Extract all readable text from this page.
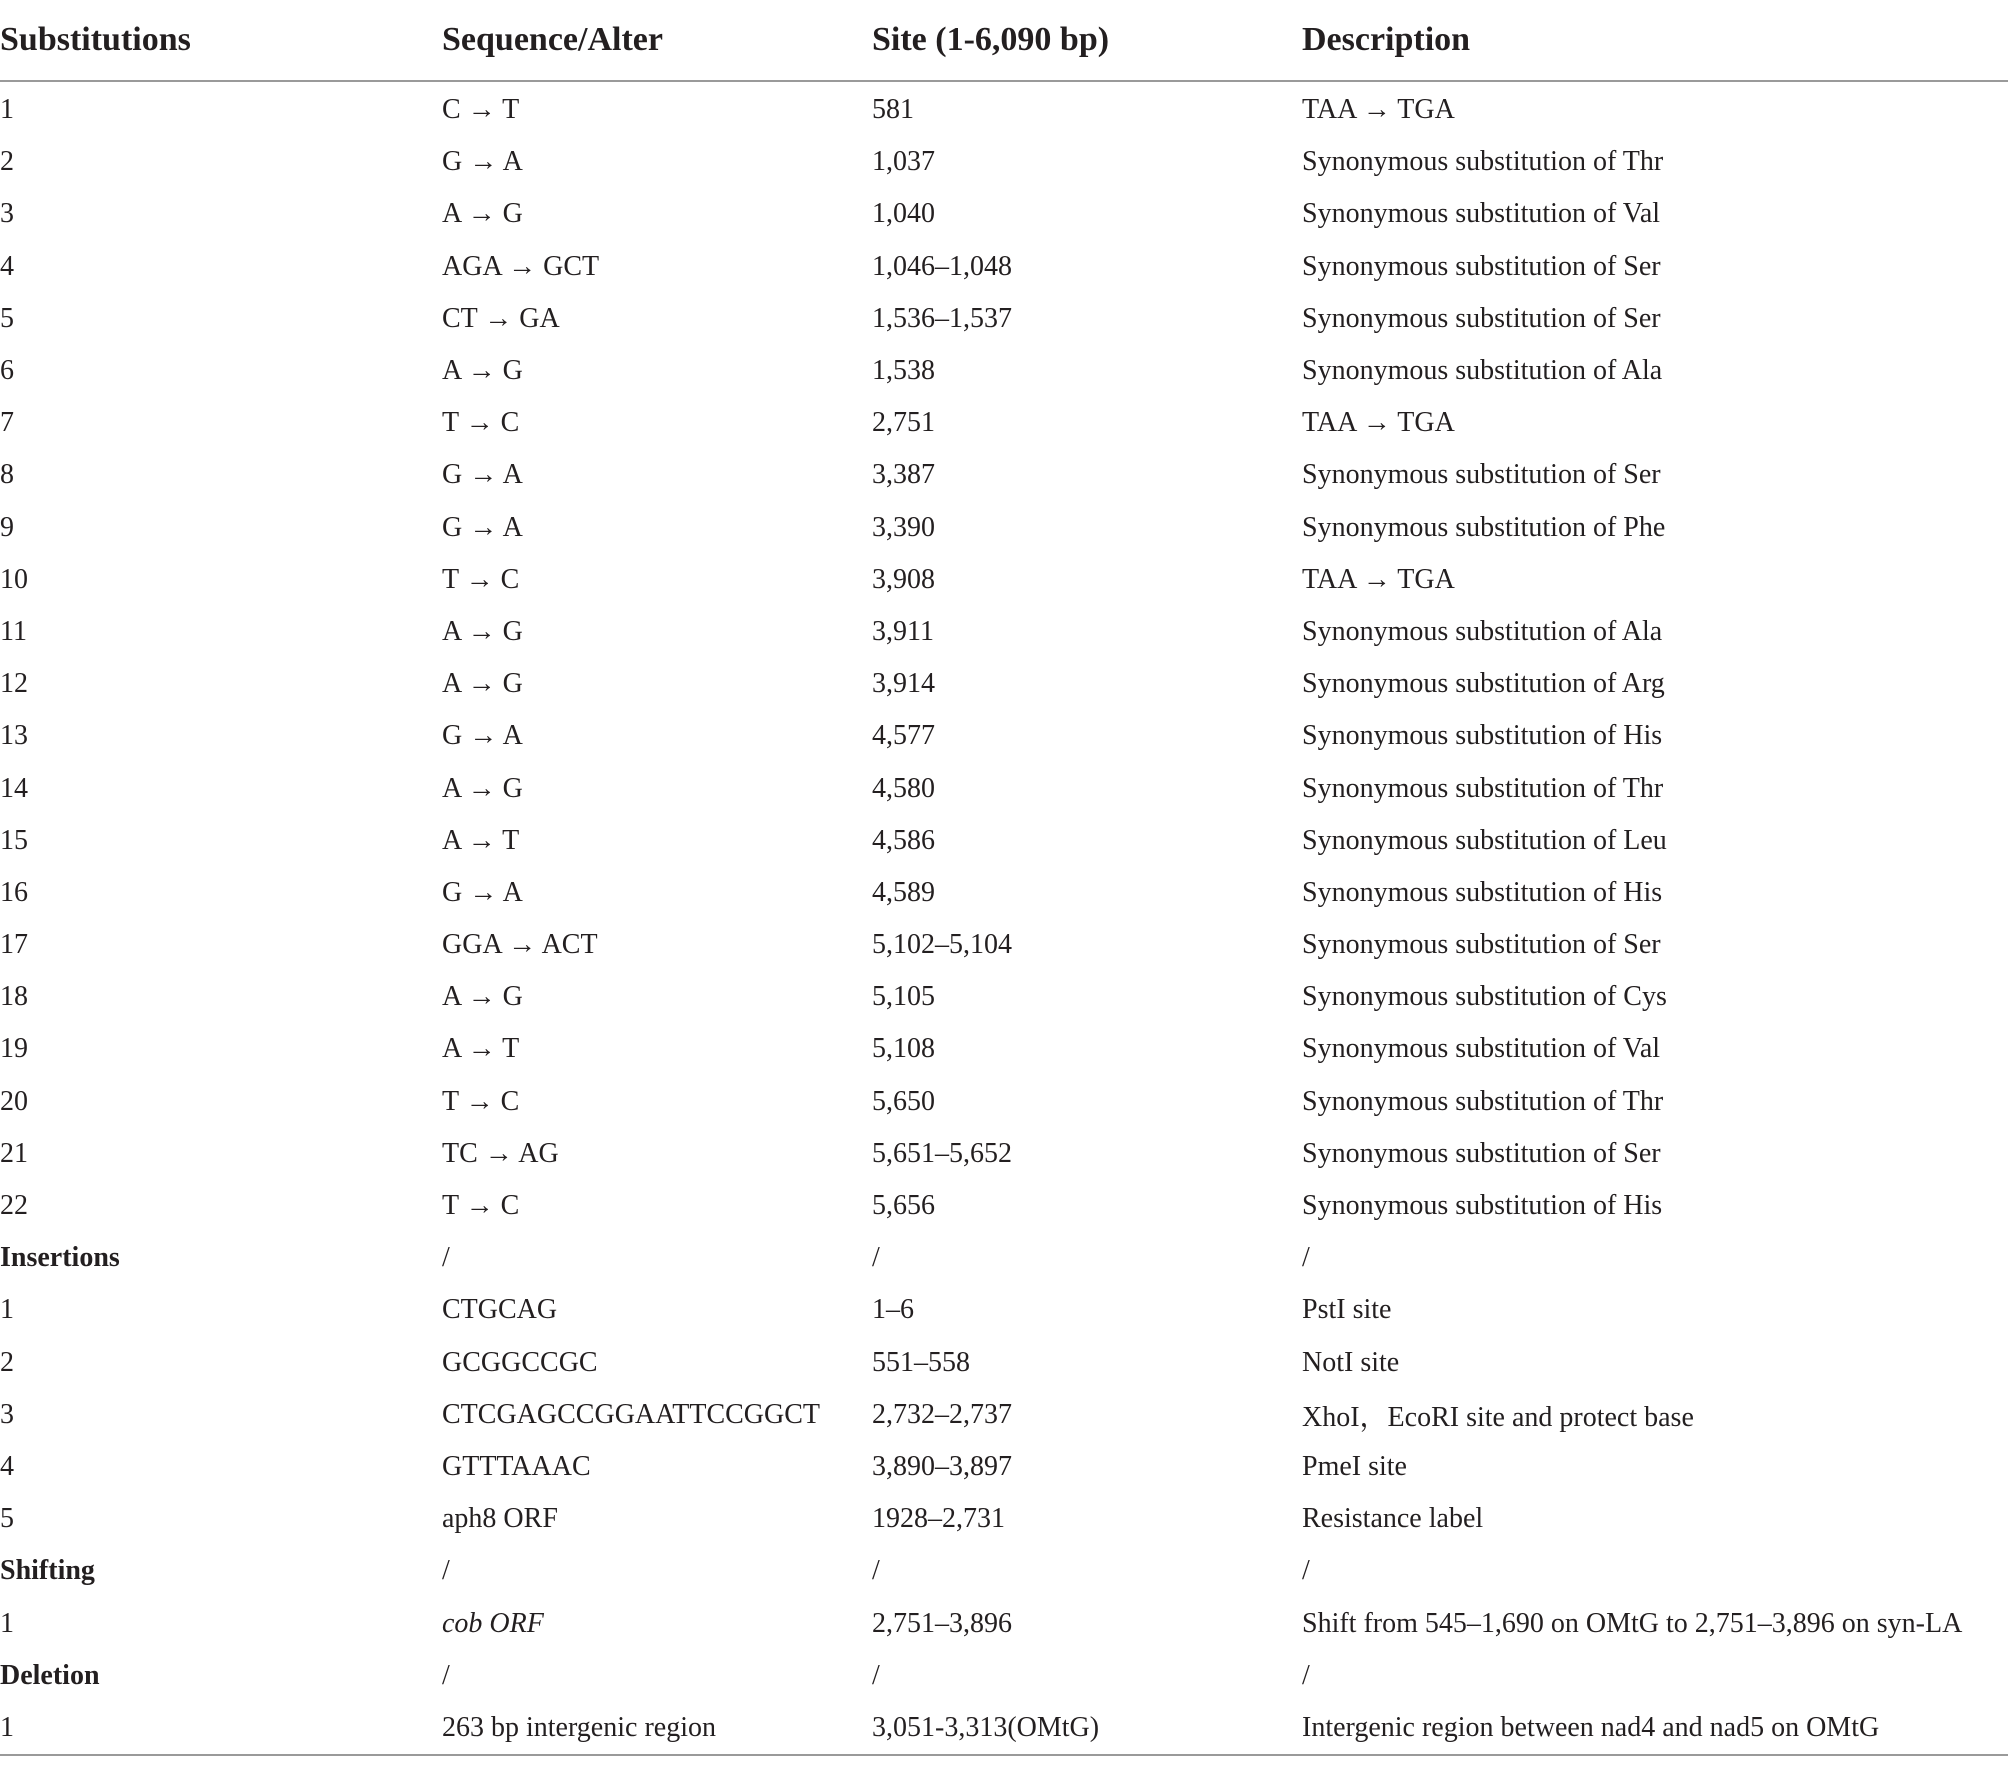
Substitutions	Sequence/Alter	Site (1-6,090 bp)	Description
1	C → T	581	TAA → TGA
2	G → A	1,037	Synonymous substitution of Thr
3	A → G	1,040	Synonymous substitution of Val
4	AGA → GCT	1,046–1,048	Synonymous substitution of Ser
5	CT → GA	1,536–1,537	Synonymous substitution of Ser
6	A → G	1,538	Synonymous substitution of Ala
7	T → C	2,751	TAA → TGA
8	G → A	3,387	Synonymous substitution of Ser
9	G → A	3,390	Synonymous substitution of Phe
10	T → C	3,908	TAA → TGA
11	A → G	3,911	Synonymous substitution of Ala
12	A → G	3,914	Synonymous substitution of Arg
13	G → A	4,577	Synonymous substitution of His
14	A → G	4,580	Synonymous substitution of Thr
15	A → T	4,586	Synonymous substitution of Leu
16	G → A	4,589	Synonymous substitution of His
17	GGA → ACT	5,102–5,104	Synonymous substitution of Ser
18	A → G	5,105	Synonymous substitution of Cys
19	A → T	5,108	Synonymous substitution of Val
20	T → C	5,650	Synonymous substitution of Thr
21	TC → AG	5,651–5,652	Synonymous substitution of Ser
22	T → C	5,656	Synonymous substitution of His
Insertions	/	/	/
1	CTGCAG	1–6	PstI site
2	GCGGCCGC	551–558	NotI site
3	CTCGAGCCGGAATTCCGGCT	2,732–2,737	XhoI，EcoRI site and protect base
4	GTTTAAAC	3,890–3,897	PmeI site
5	aph8 ORF	1928–2,731	Resistance label
Shifting	/	/	/
1	cob ORF	2,751–3,896	Shift from 545–1,690 on OMtG to 2,751–3,896 on syn-LA
Deletion	/	/	/
1	263 bp intergenic region	3,051-3,313(OMtG)	Intergenic region between nad4 and nad5 on OMtG
